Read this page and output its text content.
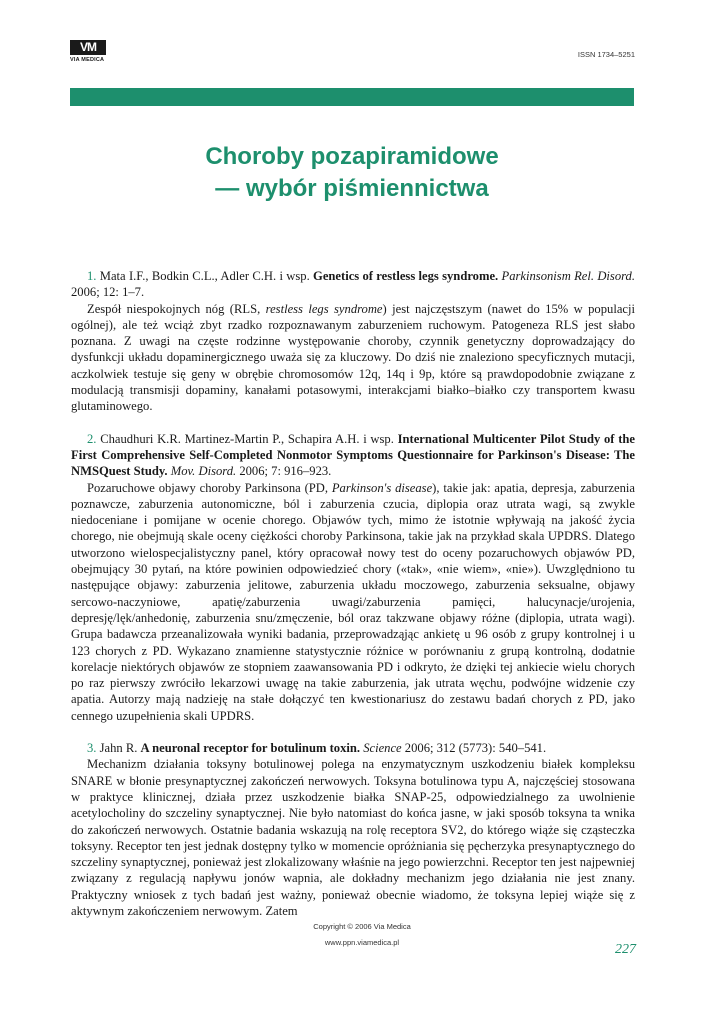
VM
VIA MEDICA
ISSN 1734–5251
Choroby pozapiramidowe
— wybór piśmiennictwa

1. Mata I.F., Bodkin C.L., Adler C.H. i wsp. Genetics of restless legs syndrome. Parkinsonism Rel. Disord. 2006; 12: 1–7.

Zespół niespokojnych nóg (RLS, restless legs syndrome) jest najczęstszym (nawet do 15% w populacji ogólnej), ale też wciąż zbyt rzadko rozpoznawanym zaburzeniem ruchowym. Patogeneza RLS jest słabo poznana. Z uwagi na częste rodzinne występowanie choroby, czynnik genetyczny doprowadzający do dysfunkcji układu dopaminergicznego uważa się za kluczowy. Do dziś nie znaleziono specyficznych mutacji, aczkolwiek testuje się geny w obrębie chromosomów 12q, 14q i 9p, które są prawdopodobnie związane z modulacją transmisji dopaminy, kanałami potasowymi, interakcjami białko–białko czy transportem kwasu glutaminowego.

2. Chaudhuri K.R. Martinez-Martin P., Schapira A.H. i wsp. International Multicenter Pilot Study of the First Comprehensive Self-Completed Nonmotor Symptoms Questionnaire for Parkinson's Disease: The NMSQuest Study. Mov. Disord. 2006; 7: 916–923.

Pozaruchowe objawy choroby Parkinsona (PD, Parkinson's disease), takie jak: apatia, depresja, zaburzenia poznawcze, zaburzenia autonomiczne, ból i zaburzenia czucia, diplopia oraz utrata wagi, są zwykle niedoceniane i pomijane w ocenie chorego. Objawów tych, mimo że istotnie wpływają na jakość życia chorego, nie obejmują skale oceny ciężkości choroby Parkinsona, takie jak na przykład skala UPDRS. Dlatego utworzono wielospecjalistyczny panel, który opracował nowy test do oceny pozaruchowych objawów PD, obejmujący 30 pytań, na które powinien odpowiedzieć chory («tak», «nie wiem», «nie»). Uwzględniono tu następujące objawy: zaburzenia jelitowe, zaburzenia układu moczowego, zaburzenia seksualne, objawy sercowo-naczyniowe, apatię/zaburzenia uwagi/zaburzenia pamięci, halucynacje/urojenia, depresję/lęk/anhedonię, zaburzenia snu/zmęczenie, ból oraz takzwane objawy różne (diplopia, utrata wagi). Grupa badawcza przeanalizowała wyniki badania, przeprowadząjąc ankietę u 96 osób z grupy kontrolnej i u 123 chorych z PD. Wykazano znamienne statystycznie różnice w porównaniu z grupą kontrolną, dodatnie korelacje niektórych objawów ze stopniem zaawansowania PD i odkryto, że dzięki tej ankiecie wielu chorych po raz pierwszy zwróciło lekarzowi uwagę na takie zaburzenia, jak utrata węchu, podwójne widzenie czy apatia. Autorzy mają nadzieję na stałe dołączyć ten kwestionariusz do zestawu badań chorych z PD, jako cennego uzupełnienia skali UPDRS.

3. Jahn R. A neuronal receptor for botulinum toxin. Science 2006; 312 (5773): 540–541.

Mechanizm działania toksyny botulinowej polega na enzymatycznym uszkodzeniu białek kompleksu SNARE w błonie presynaptycznej zakończeń nerwowych. Toksyna botulinowa typu A, najczęściej stosowana w praktyce klinicznej, działa przez uszkodzenie białka SNAP-25, odpowiedzialnego za uwolnienie acetylocholiny do szczeliny synaptycznej. Nie było natomiast do końca jasne, w jaki sposób toksyna ta wnika do zakończeń nerwowych. Ostatnie badania wskazują na rolę receptora SV2, do którego wiąże się cząsteczka toksyny. Receptor ten jest jednak dostępny tylko w momencie opróżniania się pęcherzyka presynaptycznego do szczeliny synaptycznej, ponieważ jest zlokalizowany właśnie na jego powierzchni. Receptor ten jest najpewniej związany z regulacją napływu jonów wapnia, ale dokładny mechanizm jego działania nie jest znany. Praktyczny wniosek z tych badań jest ważny, ponieważ obecnie wiadomo, że toksyna lepiej wiąże się z aktywnym zakończeniem nerwowym. Zatem

Copyright © 2006 Via Medica
www.ppn.viamedica.pl	227
